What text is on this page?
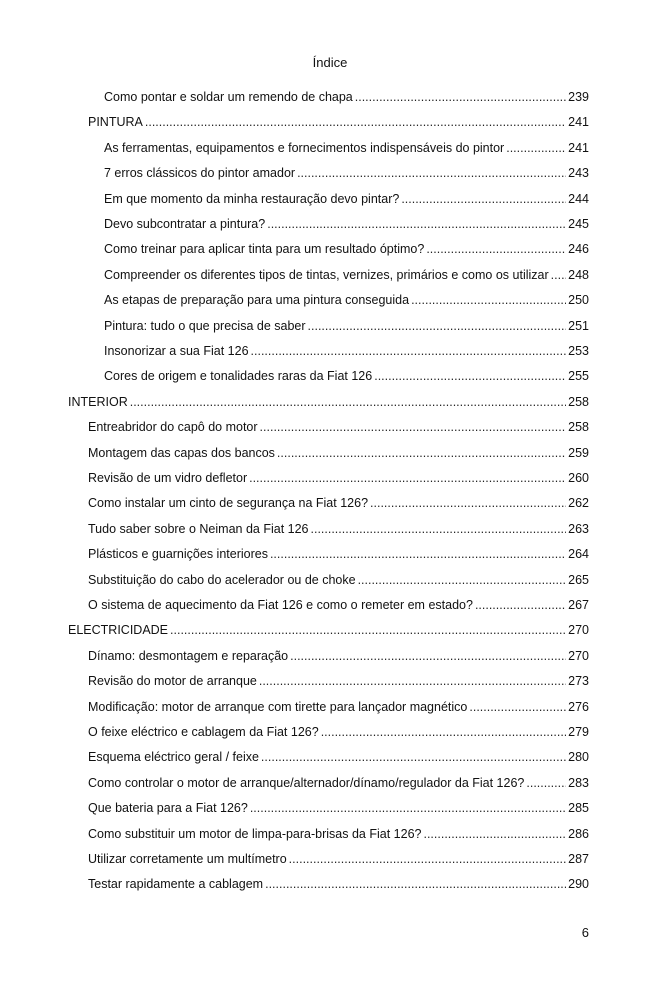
Índice
Como pontar e soldar um remendo de chapa .....	239
PINTURA .....	241
As ferramentas, equipamentos e fornecimentos indispensáveis do pintor .....	241
7 erros clássicos do pintor amador .....	243
Em que momento da minha restauração devo pintar? .....	244
Devo subcontratar a pintura? .....	245
Como treinar para aplicar tinta para um resultado óptimo? .....	246
Compreender os diferentes tipos de tintas, vernizes, primários e como os utilizar ..... 248
As etapas de preparação para uma pintura conseguida .....	250
Pintura: tudo o que precisa de saber .....	251
Insonorizar a sua Fiat 126 .....	253
Cores de origem e tonalidades raras da Fiat 126 .....	255
INTERIOR .....	258
Entreabridor do capô do motor .....	258
Montagem das capas dos bancos .....	259
Revisão de um vidro defletor .....	260
Como instalar um cinto de segurança na Fiat 126? .....	262
Tudo saber sobre o Neiman da Fiat 126 .....	263
Plásticos e guarnições interiores .....	264
Substituição do cabo do acelerador ou de choke .....	265
O sistema de aquecimento da Fiat 126 e como o remeter em estado? .....	267
ELECTRICIDADE .....	270
Dínamo: desmontagem e reparação .....	270
Revisão do motor de arranque .....	273
Modificação: motor de arranque com tirette para lançador magnético .....	276
O feixe eléctrico e cablagem da Fiat 126? .....	279
Esquema eléctrico geral / feixe .....	280
Como controlar o motor de arranque/alternador/dínamo/regulador da Fiat 126? .....	283
Que bateria para a Fiat 126? .....	285
Como substituir um motor de limpa-para-brisas da Fiat 126? .....	286
Utilizar corretamente um multímetro .....	287
Testar rapidamente a cablagem .....	290
6
